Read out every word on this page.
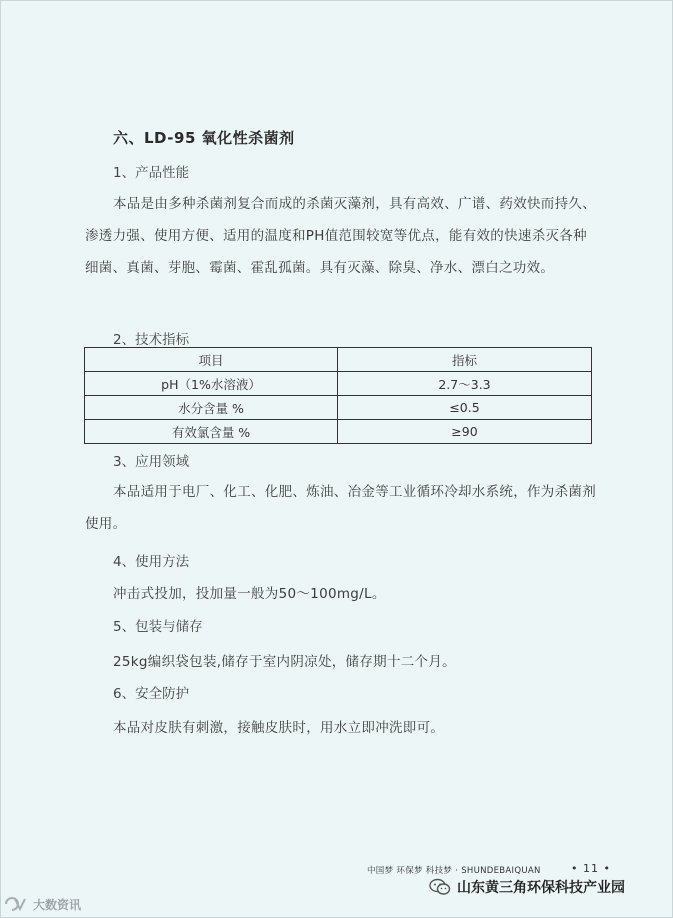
六、LD-95 氧化性杀菌剂
1、产品性能
本品是由多种杀菌剂复合而成的杀菌灭藻剂，具有高效、广谱、药效快而持久、渗透力强、使用方便、适用的温度和PH值范围较宽等优点，能有效的快速杀灭各种细菌、真菌、芽胞、霉菌、霍乱孤菌。具有灭藻、除臭、净水、漂白之功效。
2、技术指标
项目	指标
pH（1%水溶液）	2.7～3.3
水分含量 %	≤0.5
有效氯含量 %	≥90
3、应用领域
本品适用于电厂、化工、化肥、炼油、冶金等工业循环冷却水系统，作为杀菌剂使用。
4、使用方法
冲击式投加，投加量一般为50～100mg/L。
5、包装与储存
25kg编织袋包装,储存于室内阴凉处，储存期十二个月。
6、安全防护
本品对皮肤有刺激，接触皮肤时，用水立即冲洗即可。
中国梦 环保梦 科技梦 · SHUNDEBAIQUAN	• 11 •
山东黄三角环保科技产业园
大数资讯
